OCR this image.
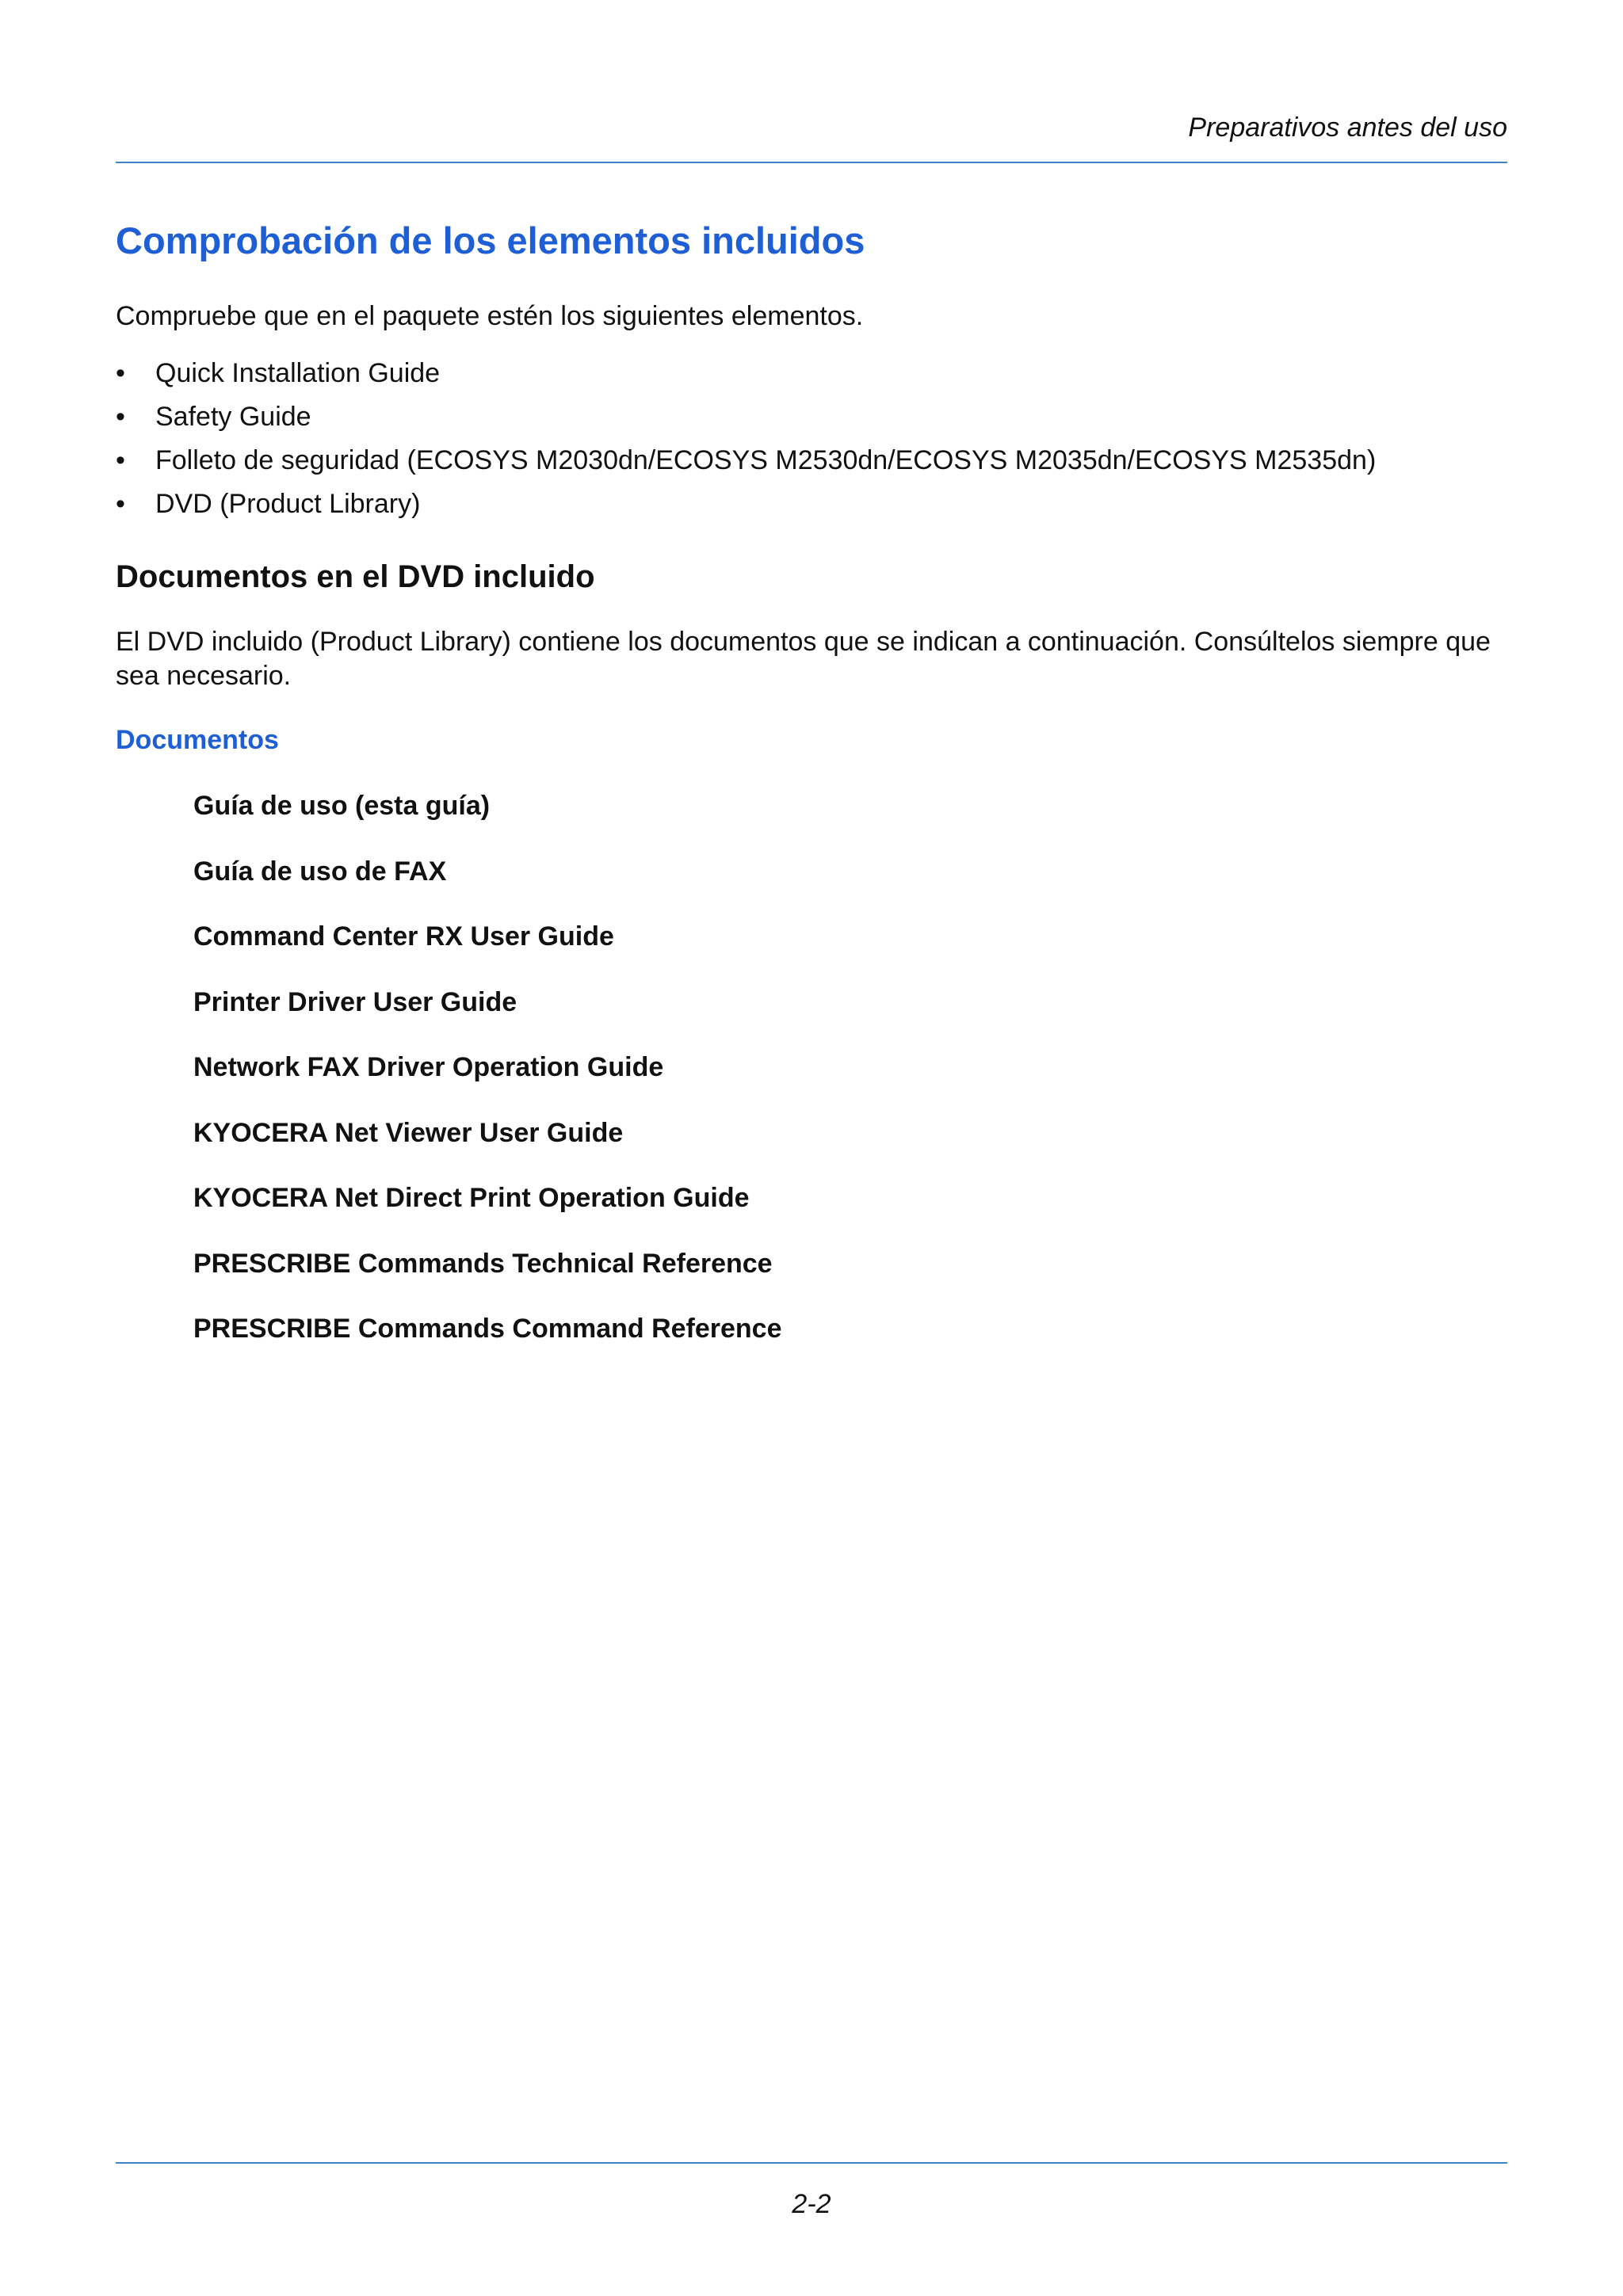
Preparativos antes del uso
Comprobación de los elementos incluidos
Compruebe que en el paquete estén los siguientes elementos.
• Quick Installation Guide
• Safety Guide
• Folleto de seguridad (ECOSYS M2030dn/ECOSYS M2530dn/ECOSYS M2035dn/ECOSYS M2535dn)
• DVD (Product Library)
Documentos en el DVD incluido
El DVD incluido (Product Library) contiene los documentos que se indican a continuación. Consúltelos siempre que sea necesario.
Documentos
Guía de uso (esta guía)
Guía de uso de FAX
Command Center RX User Guide
Printer Driver User Guide
Network FAX Driver Operation Guide
KYOCERA Net Viewer User Guide
KYOCERA Net Direct Print Operation Guide
PRESCRIBE Commands Technical Reference
PRESCRIBE Commands Command Reference
2-2
